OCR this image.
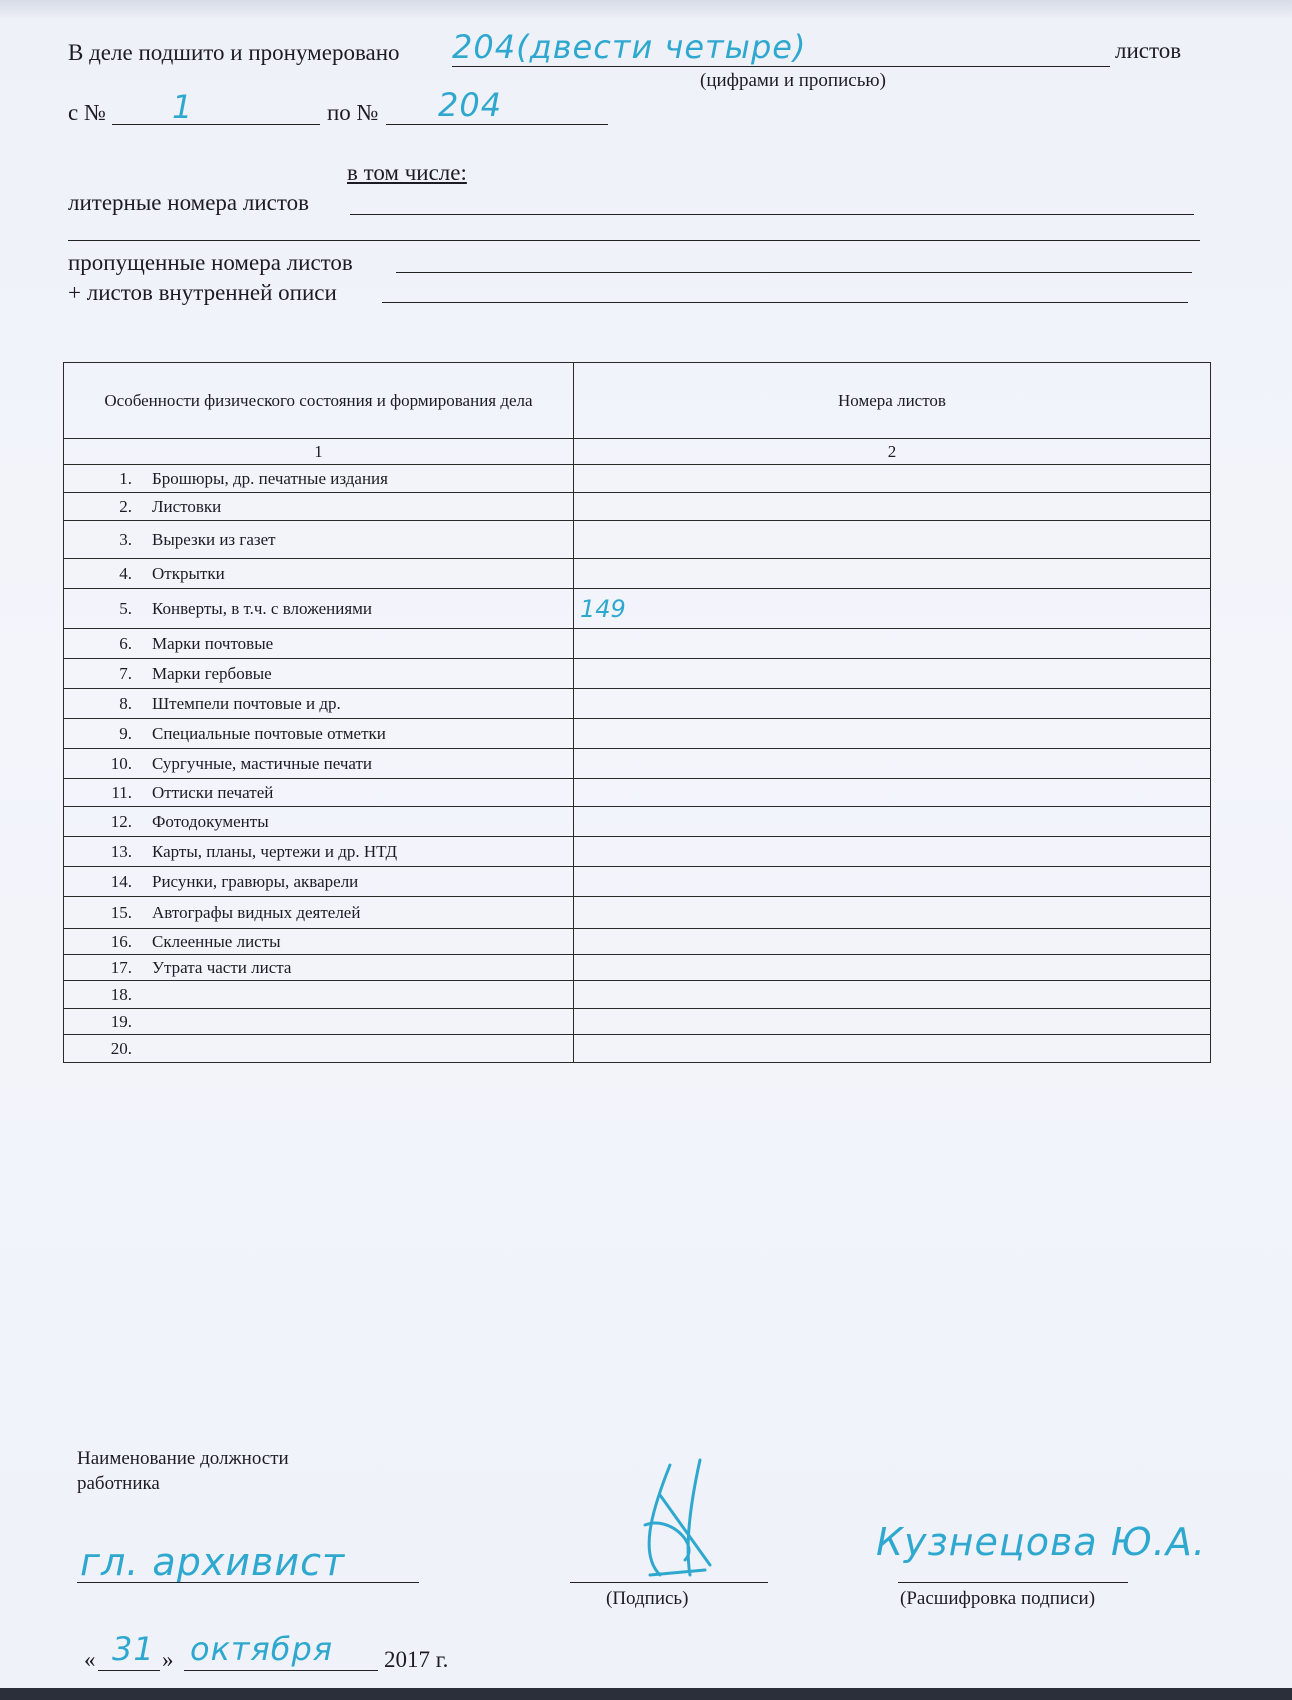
В деле подшито и пронумеровано 204(двести четыре)	листов
(цифрами и прописью)
с № 1	по № 204
в том числе:
литерные номера листов
пропущенные номера листов
+ листов внутренней описи
Особенности физического состояния и формирования дела	Номера листов
1	2
1. Брошюры, др. печатные издания	
2. Листовки	
3. Вырезки из газет	
4. Открытки	
5. Конверты, в т.ч. с вложениями	149
6. Марки почтовые	
7. Марки гербовые	
8. Штемпели почтовые и др.	
9. Специальные почтовые отметки	
10. Сургучные, мастичные печати	
11. Оттиски печатей	
12. Фотодокументы	
13. Карты, планы, чертежи и др. НТД	
14. Рисунки, гравюры, акварели	
15. Автографы видных деятелей	
16. Склеенные листы	
17. Утрата части листа	
18.	
19.	
20.	
Наименование должности
работника
гл. архивист
(Подпись)
Кузнецова Ю.А.
(Расшифровка подписи)
« 31 » октября 2017 г.
